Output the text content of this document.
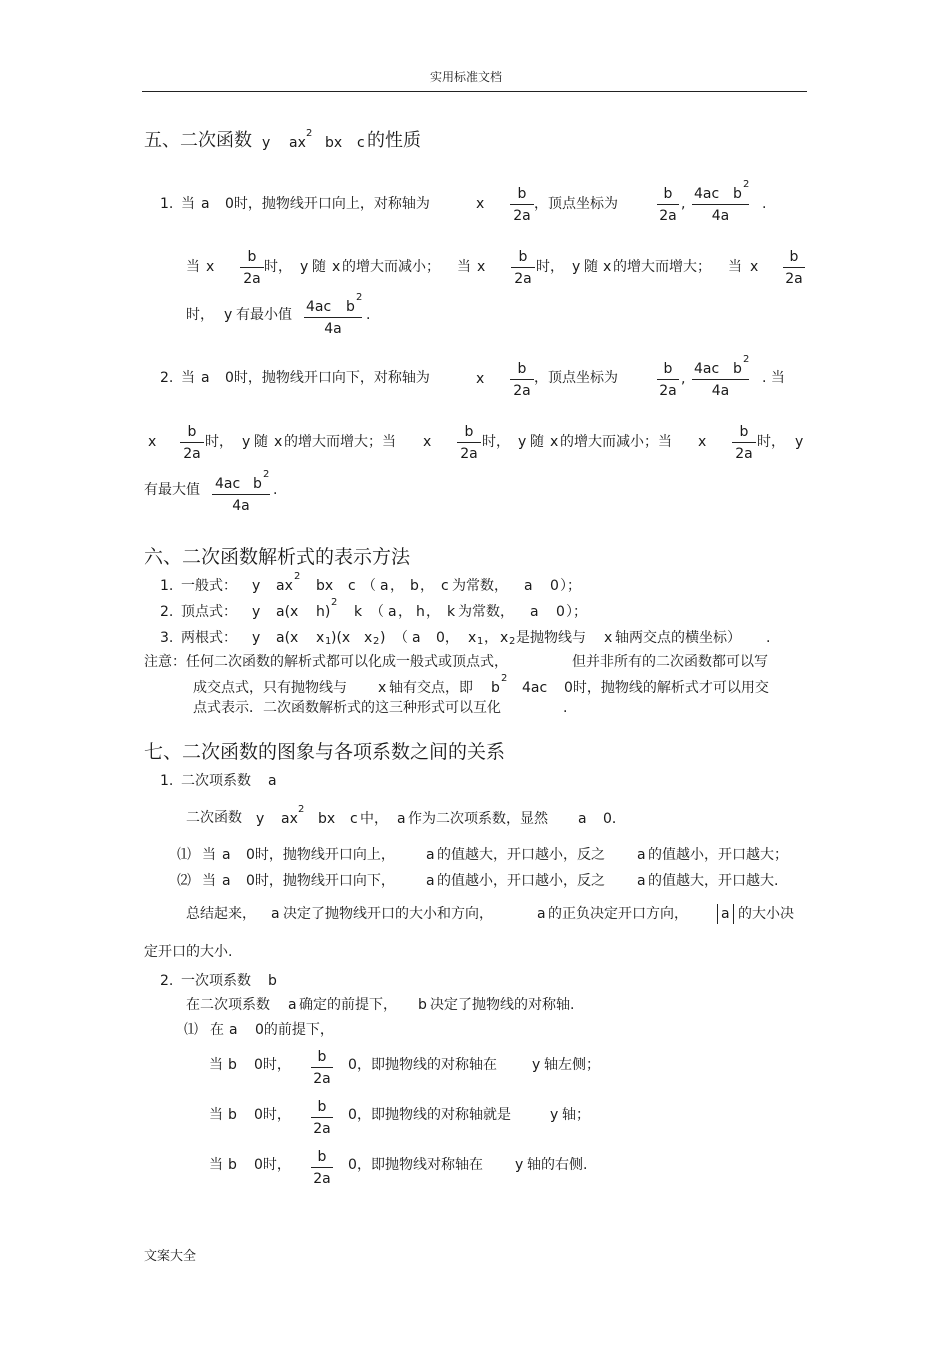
实用标准文档
五、二次函数 y ax
2
bx c 的性质
1. 当 a 0时，抛物线开口向上，对称轴为	x
b
2a
，顶点坐标为
b
2a
,
4ac b
2
4a
.
当 x
b
2a
时， y 随 x 的增大而减小； 当 x
b
2a
时， y 随 x 的增大而增大； 当 x
b
2a
时， y 有最小值 4ac b
2
4a
.
2. 当 a 0时，抛物线开口向下，对称轴为	x
b
2a
，顶点坐标为
b
2a
,
4ac b
2
4a
. 当
x
b
2a
时， y 随 x 的增大而增大；当 x
b
2a
时， y 随 x 的增大而减小；当 x
b
2a
时， y
有最大值 4ac b
2
4a
.
六、二次函数解析式的表示方法
1. 一般式： y ax
2
bx c （ a ， b ， c 为常数， a 0 ）；
2. 顶点式： y a(x h)
2
k （ a ， h ， k 为常数， a 0 ）；
3. 两根式： y a(x x 1 )(x x 2 ) （ a 0， x 1 ， x 2 是抛物线与 x 轴两交点的横坐标） .
注意：任何二次函数的解析式都可以化成一般式或顶点式，	但并非所有的二次函数都可以写
成交点式，只有抛物线与 x 轴有交点，即 b
2
4ac 0时，抛物线的解析式才可以用交
点式表示．二次函数解析式的这三种形式可以互化	.
七、二次函数的图象与各项系数之间的关系
1. 二次项系数 a
二次函数 y ax
2
bx c 中， a 作为二次项系数，显然 a 0．
⑴ 当 a 0时，抛物线开口向上， a 的值越大，开口越小，反之 a 的值越小，开口越大；
⑵ 当 a 0时，抛物线开口向下， a 的值越小，开口越小，反之 a 的值越大，开口越大.
总结起来， a 决定了抛物线开口的大小和方向，	a 的正负决定开口方向， a 的大小决
定开口的大小.
2. 一次项系数 b
在二次项系数 a 确定的前提下， b 决定了抛物线的对称轴.
⑴ 在 a 0的前提下，
当 b 0时，	b
2a
0 ，即抛物线的对称轴在	y 轴左侧；
当 b 0时，	b
2a
0 ，即抛物线的对称轴就是	y 轴；
当 b 0时，	b
2a
0 ，即抛物线对称轴在 y 轴的右侧.
文案大全
